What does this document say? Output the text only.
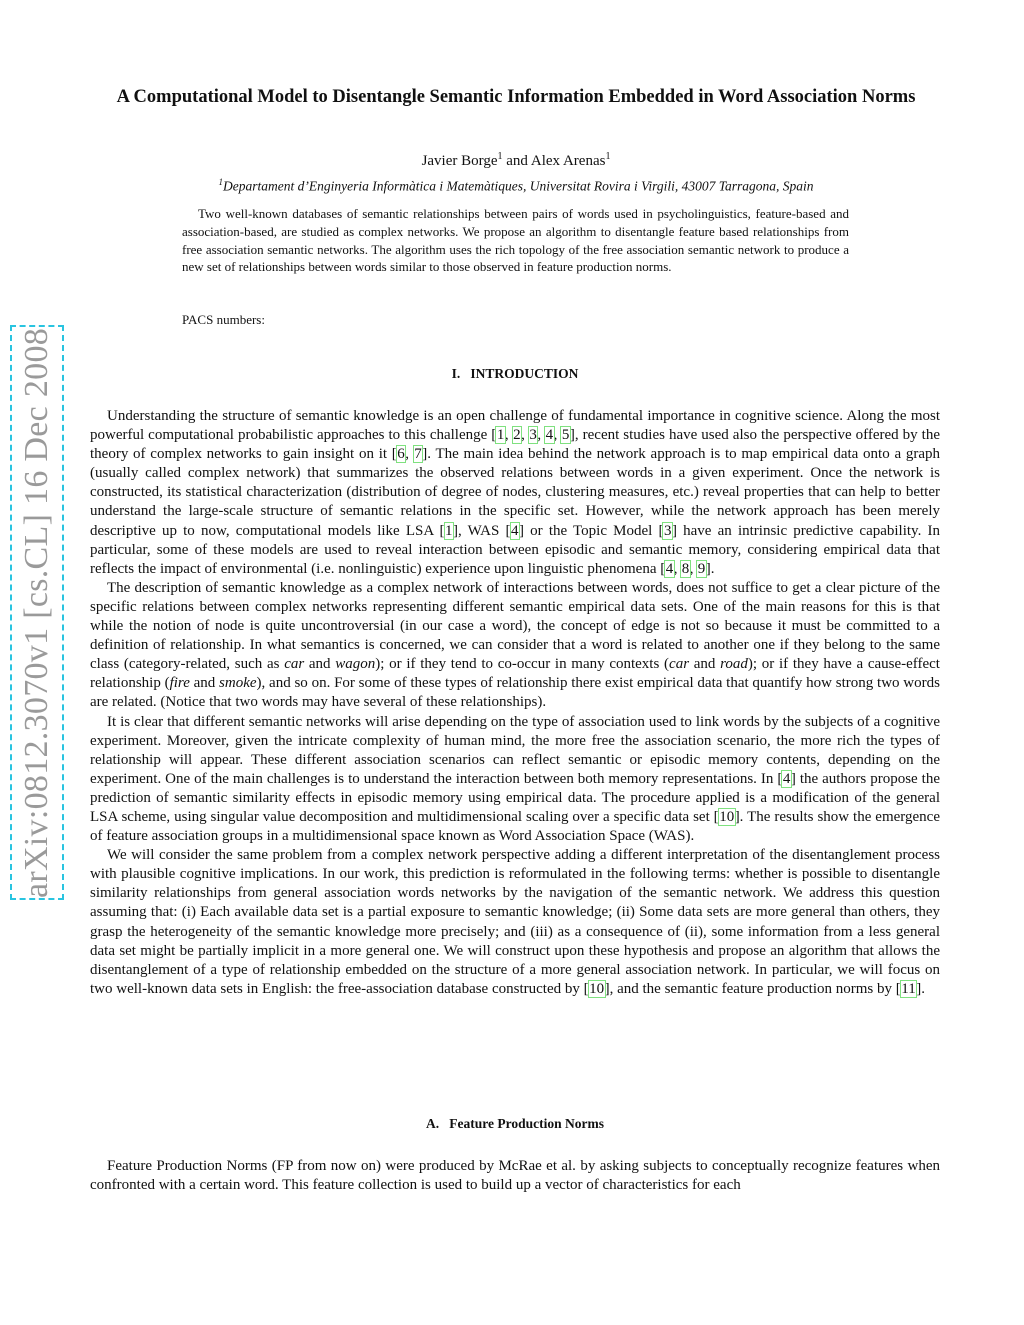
arXiv:0812.3070v1 [cs.CL] 16 Dec 2008
A Computational Model to Disentangle Semantic Information Embedded in Word Association Norms

Javier Borge$^1$ and Alex Arenas$^1$

$^1$Departament d’Enginyeria Informàtica i Matemàtiques, Universitat Rovira i Virgili, 43007 Tarragona, Spain

Two well-known databases of semantic relationships between pairs of words used in psycholinguistics, feature-based and association-based, are studied as complex networks. We propose an algorithm to disentangle feature based relationships from free association semantic networks. The algorithm uses the rich topology of the free association semantic network to produce a new set of relationships between words similar to those observed in feature production norms.

PACS numbers:

I. INTRODUCTION

Understanding the structure of semantic knowledge is an open challenge of fundamental importance in cognitive science. Along the most powerful computational probabilistic approaches to this challenge [1, 2, 3, 4, 5], recent studies have used also the perspective offered by the theory of complex networks to gain insight on it [6, 7]. The main idea behind the network approach is to map empirical data onto a graph (usually called complex network) that summarizes the observed relations between words in a given experiment. Once the network is constructed, its statistical characterization (distribution of degree of nodes, clustering measures, etc.) reveal properties that can help to better understand the large-scale structure of semantic relations in the specific set. However, while the network approach has been merely descriptive up to now, computational models like LSA [1], WAS [4] or the Topic Model [3] have an intrinsic predictive capability. In particular, some of these models are used to reveal interaction between episodic and semantic memory, considering empirical data that reflects the impact of environmental (i.e. nonlinguistic) experience upon linguistic phenomena [4, 8, 9].

The description of semantic knowledge as a complex network of interactions between words, does not suffice to get a clear picture of the specific relations between complex networks representing different semantic empirical data sets. One of the main reasons for this is that while the notion of node is quite uncontroversial (in our case a word), the concept of edge is not so because it must be committed to a definition of relationship. In what semantics is concerned, we can consider that a word is related to another one if they belong to the same class (category-related, such as car and wagon); or if they tend to co-occur in many contexts (car and road); or if they have a cause-effect relationship (fire and smoke), and so on. For some of these types of relationship there exist empirical data that quantify how strong two words are related. (Notice that two words may have several of these relationships).

It is clear that different semantic networks will arise depending on the type of association used to link words by the subjects of a cognitive experiment. Moreover, given the intricate complexity of human mind, the more free the association scenario, the more rich the types of relationship will appear. These different association scenarios can reflect semantic or episodic memory contents, depending on the experiment. One of the main challenges is to understand the interaction between both memory representations. In [4] the authors propose the prediction of semantic similarity effects in episodic memory using empirical data. The procedure applied is a modification of the general LSA scheme, using singular value decomposition and multidimensional scaling over a specific data set [10]. The results show the emergence of feature association groups in a multidimensional space known as Word Association Space (WAS).

We will consider the same problem from a complex network perspective adding a different interpretation of the disentanglement process with plausible cognitive implications. In our work, this prediction is reformulated in the following terms: whether is possible to disentangle similarity relationships from general association words networks by the navigation of the semantic network. We address this question assuming that: (i) Each available data set is a partial exposure to semantic knowledge; (ii) Some data sets are more general than others, they grasp the heterogeneity of the semantic knowledge more precisely; and (iii) as a consequence of (ii), some information from a less general data set might be partially implicit in a more general one. We will construct upon these hypothesis and propose an algorithm that allows the disentanglement of a type of relationship embedded on the structure of a more general association network. In particular, we will focus on two well-known data sets in English: the free-association database constructed by [10], and the semantic feature production norms by [11].

A. Feature Production Norms

Feature Production Norms (FP from now on) were produced by McRae et al. by asking subjects to conceptually recognize features when confronted with a certain word. This feature collection is used to build up a vector of characteristics for each
